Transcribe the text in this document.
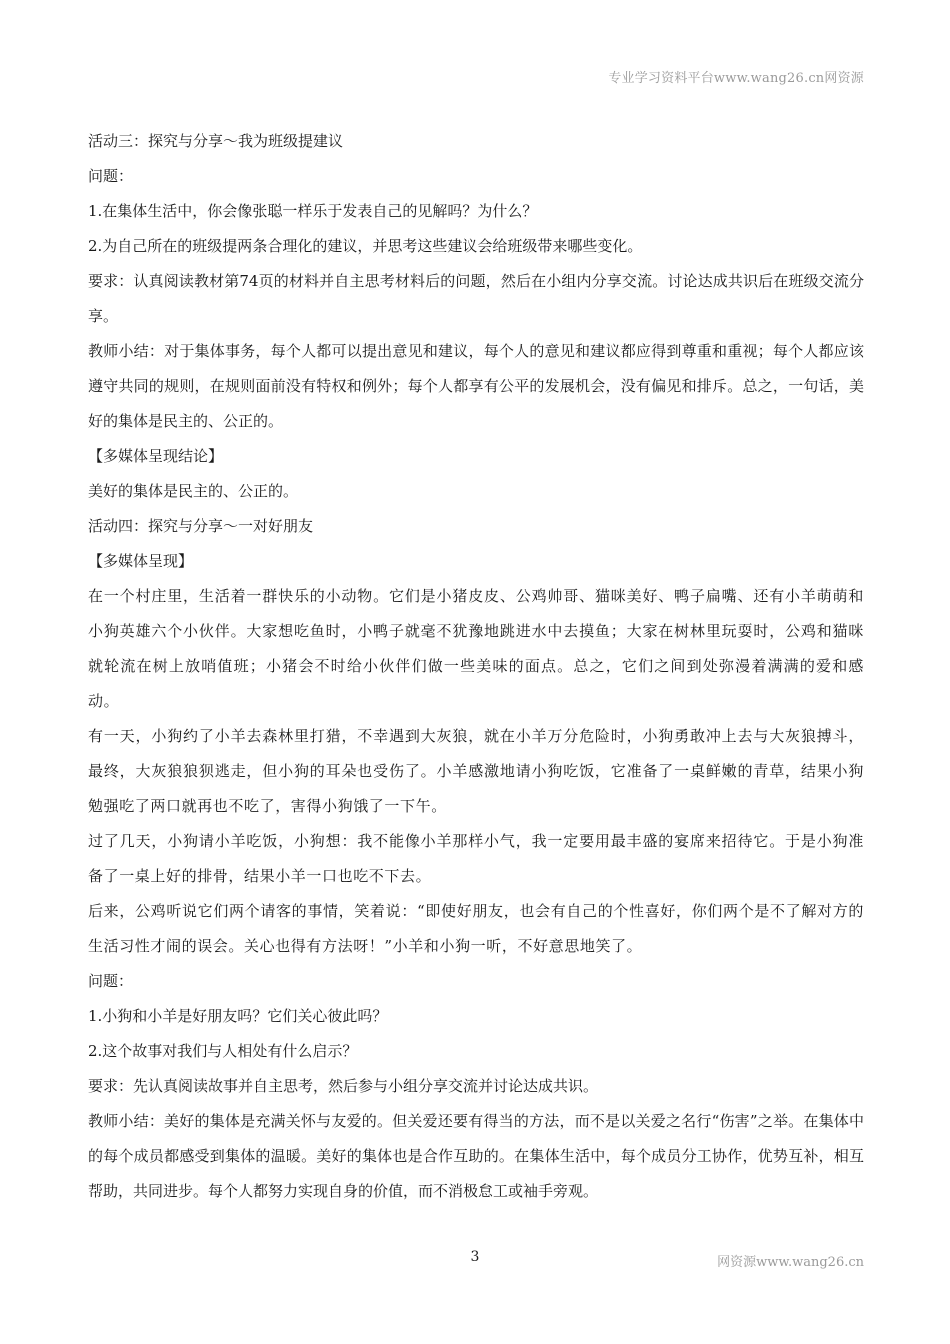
专业学习资料平台www.wang26.cn网资源

活动三：探究与分享～我为班级提建议

问题：

1.在集体生活中，你会像张聪一样乐于发表自己的见解吗？为什么？

2.为自己所在的班级提两条合理化的建议，并思考这些建议会给班级带来哪些变化。

要求：认真阅读教材第74页的材料并自主思考材料后的问题，然后在小组内分享交流。讨论达成共识后在班级交流分享。

教师小结：对于集体事务，每个人都可以提出意见和建议，每个人的意见和建议都应得到尊重和重视；每个人都应该遵守共同的规则，在规则面前没有特权和例外；每个人都享有公平的发展机会，没有偏见和排斥。总之，一句话，美好的集体是民主的、公正的。

【多媒体呈现结论】

美好的集体是民主的、公正的。

活动四：探究与分享～一对好朋友

【多媒体呈现】

在一个村庄里，生活着一群快乐的小动物。它们是小猪皮皮、公鸡帅哥、猫咪美好、鸭子扁嘴、还有小羊萌萌和小狗英雄六个小伙伴。大家想吃鱼时，小鸭子就毫不犹豫地跳进水中去摸鱼；大家在树林里玩耍时，公鸡和猫咪就轮流在树上放哨值班；小猪会不时给小伙伴们做一些美味的面点。总之，它们之间到处弥漫着满满的爱和感动。

有一天，小狗约了小羊去森林里打猎，不幸遇到大灰狼，就在小羊万分危险时，小狗勇敢冲上去与大灰狼搏斗，最终，大灰狼狼狈逃走，但小狗的耳朵也受伤了。小羊感激地请小狗吃饭，它准备了一桌鲜嫩的青草，结果小狗勉强吃了两口就再也不吃了，害得小狗饿了一下午。

过了几天，小狗请小羊吃饭，小狗想：我不能像小羊那样小气，我一定要用最丰盛的宴席来招待它。于是小狗准备了一桌上好的排骨，结果小羊一口也吃不下去。

后来，公鸡听说它们两个请客的事情，笑着说：“即使好朋友，也会有自己的个性喜好，你们两个是不了解对方的生活习性才闹的误会。关心也得有方法呀！”小羊和小狗一听，不好意思地笑了。

问题：

1.小狗和小羊是好朋友吗？它们关心彼此吗？

2.这个故事对我们与人相处有什么启示？

要求：先认真阅读故事并自主思考，然后参与小组分享交流并讨论达成共识。

教师小结：美好的集体是充满关怀与友爱的。但关爱还要有得当的方法，而不是以关爱之名行“伤害”之举。在集体中的每个成员都感受到集体的温暖。美好的集体也是合作互助的。在集体生活中，每个成员分工协作，优势互补，相互帮助，共同进步。每个人都努力实现自身的价值，而不消极怠工或袖手旁观。

3	网资源www.wang26.cn
